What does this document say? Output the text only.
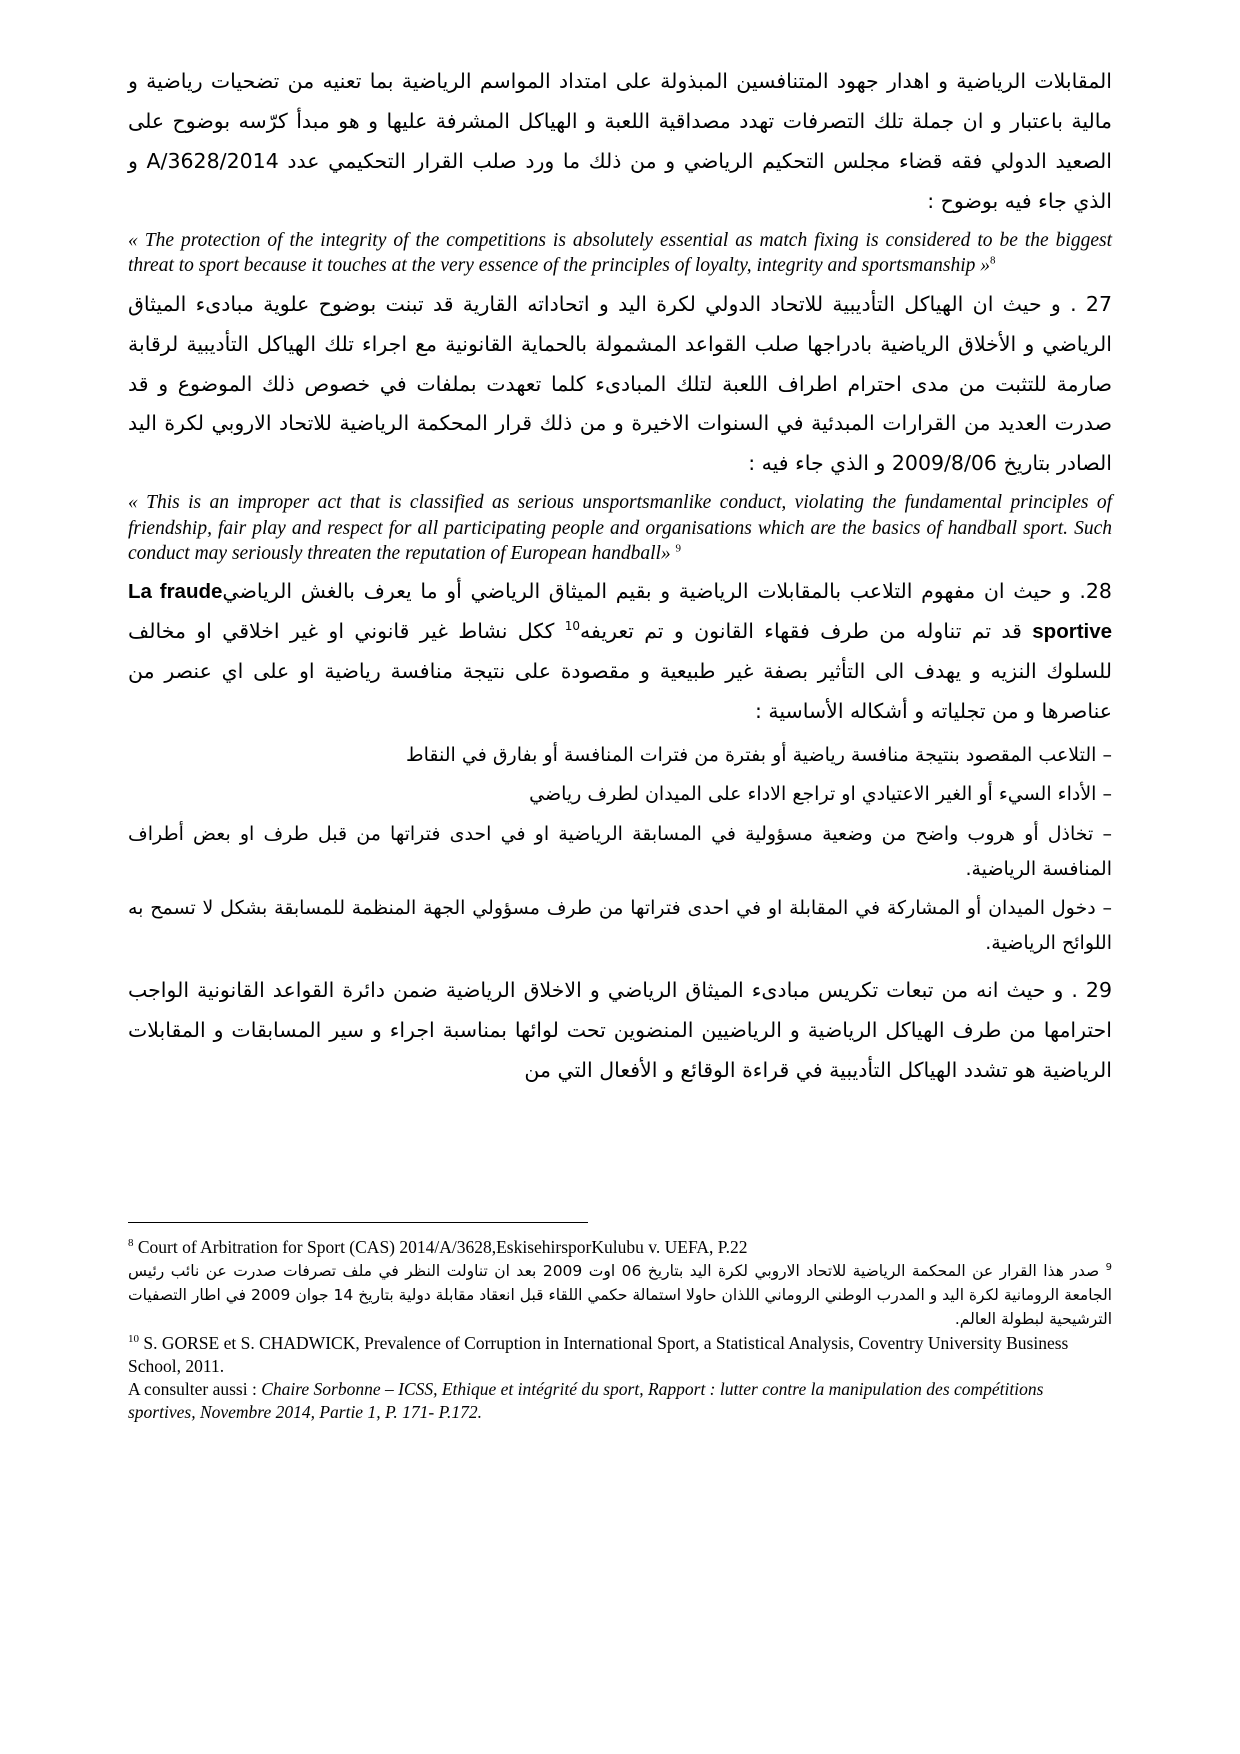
المقابلات الرياضية و اهدار جهود المتنافسين المبذولة على امتداد المواسم الرياضية بما تعنيه من تضحيات رياضية و مالية باعتبار و ان جملة تلك التصرفات تهدد مصداقية اللعبة و الهياكل المشرفة عليها و هو مبدأ كرّسه بوضوح على الصعيد الدولي فقه قضاء مجلس التحكيم الرياضي و من ذلك ما ورد صلب القرار التحكيمي عدد 2014/A/3628 و الذي جاء فيه بوضوح :

« The protection of the integrity of the competitions is absolutely essential as match fixing is considered to be the biggest threat to sport because it touches at the very essence of the principles of loyalty, integrity and sportsmanship »$^8$

27 . و حيث ان الهياكل التأديبية للاتحاد الدولي لكرة اليد و اتحاداته القارية قد تبنت بوضوح علوية مبادىء الميثاق الرياضي و الأخلاق الرياضية بادراجها صلب القواعد المشمولة بالحماية القانونية مع اجراء تلك الهياكل التأديبية لرقابة صارمة للتثبت من مدى احترام اطراف اللعبة لتلك المبادىء كلما تعهدت بملفات في خصوص ذلك الموضوع و قد صدرت العديد من القرارات المبدئية في السنوات الاخيرة و من ذلك قرار المحكمة الرياضية للاتحاد الاروبي لكرة اليد الصادر بتاريخ 2009/8/06 و الذي جاء فيه :

« This is an improper act that is classified as serious unsportsmanlike conduct, violating the fundamental principles of friendship, fair play and respect for all participating people and organisations which are the basics of handball sport. Such conduct may seriously threaten the reputation of European handball» $^9$

28. و حيث ان مفهوم التلاعب بالمقابلات الرياضية و بقيم الميثاق الرياضي أو ما يعرف بالغش الرياضيLa fraude sportive قد تم تناوله من طرف فقهاء القانون و تم تعريفه$^{10}$ ككل نشاط غير قانوني او غير اخلاقي او مخالف للسلوك النزيه و يهدف الى التأثير بصفة غير طبيعية و مقصودة على نتيجة منافسة رياضية او على اي عنصر من عناصرها و من تجلياته و أشكاله الأساسية :

– التلاعب المقصود بنتيجة منافسة رياضية أو بفترة من فترات المنافسة أو بفارق في النقاط

– الأداء السيء أو الغير الاعتيادي او تراجع الاداء على الميدان لطرف رياضي

– تخاذل أو هروب واضح من وضعية مسؤولية في المسابقة الرياضية او في احدى فتراتها من قبل طرف او بعض أطراف المنافسة الرياضية.

– دخول الميدان أو المشاركة في المقابلة او في احدى فتراتها من طرف مسؤولي الجهة المنظمة للمسابقة بشكل لا تسمح به اللوائح الرياضية.

29 . و حيث انه من تبعات تكريس مبادىء الميثاق الرياضي و الاخلاق الرياضية ضمن دائرة القواعد القانونية الواجب احترامها من طرف الهياكل الرياضية و الرياضيين المنضوين تحت لوائها بمناسبة اجراء و سير المسابقات و المقابلات الرياضية هو تشدد الهياكل التأديبية في قراءة الوقائع و الأفعال التي من

$^8$ Court of Arbitration for Sport (CAS) 2014/A/3628,EskisehirsporKulubu v. UEFA, P.22

$^9$ صدر هذا القرار عن المحكمة الرياضية للاتحاد الاروبي لكرة اليد بتاريخ 06 اوت 2009 بعد ان تناولت النظر في ملف تصرفات صدرت عن نائب رئيس الجامعة الرومانية لكرة اليد و المدرب الوطني الروماني اللذان حاولا استمالة حكمي اللقاء قبل انعقاد مقابلة دولية بتاريخ 14 جوان 2009 في اطار التصفيات الترشيحية لبطولة العالم.

$^{10}$ S. GORSE et S. CHADWICK, Prevalence of Corruption in International Sport, a Statistical Analysis, Coventry University Business School, 2011.

A consulter aussi : Chaire Sorbonne – ICSS, Ethique et intégrité du sport, Rapport : lutter contre la manipulation des compétitions sportives, Novembre 2014, Partie 1, P. 171- P.172.
